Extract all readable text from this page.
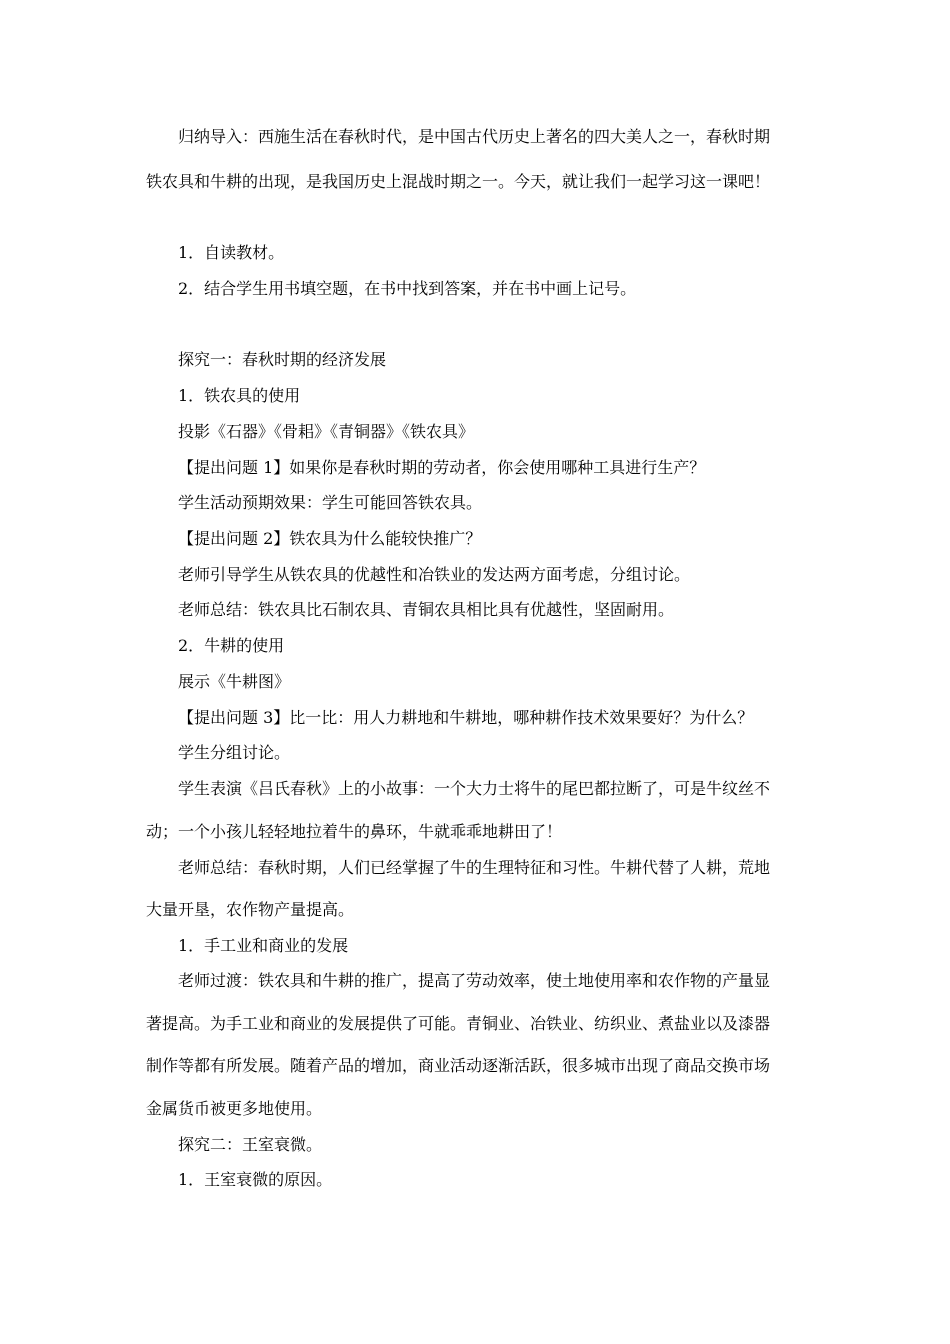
归纳导入：西施生活在春秋时代，是中国古代历史上著名的四大美人之一，春秋时期
铁农具和牛耕的出现，是我国历史上混战时期之一。今天，就让我们一起学习这一课吧！
1．自读教材。
2．结合学生用书填空题，在书中找到答案，并在书中画上记号。
探究一：春秋时期的经济发展
1．铁农具的使用
投影《石器》《骨耜》《青铜器》《铁农具》
【提出问题 1】如果你是春秋时期的劳动者，你会使用哪种工具进行生产？
学生活动预期效果：学生可能回答铁农具。
【提出问题 2】铁农具为什么能较快推广？
老师引导学生从铁农具的优越性和冶铁业的发达两方面考虑，分组讨论。
老师总结：铁农具比石制农具、青铜农具相比具有优越性，坚固耐用。
2．牛耕的使用
展示《牛耕图》
【提出问题 3】比一比：用人力耕地和牛耕地，哪种耕作技术效果要好？为什么？
学生分组讨论。
学生表演《吕氏春秋》上的小故事：一个大力士将牛的尾巴都拉断了，可是牛纹丝不
动；一个小孩儿轻轻地拉着牛的鼻环，牛就乖乖地耕田了！
老师总结：春秋时期，人们已经掌握了牛的生理特征和习性。牛耕代替了人耕，荒地
大量开垦，农作物产量提高。
1．手工业和商业的发展
老师过渡：铁农具和牛耕的推广，提高了劳动效率，使土地使用率和农作物的产量显
著提高。为手工业和商业的发展提供了可能。青铜业、冶铁业、纺织业、煮盐业以及漆器
制作等都有所发展。随着产品的增加，商业活动逐渐活跃，很多城市出现了商品交换市场
金属货币被更多地使用。
探究二：王室衰微。
1．王室衰微的原因。
